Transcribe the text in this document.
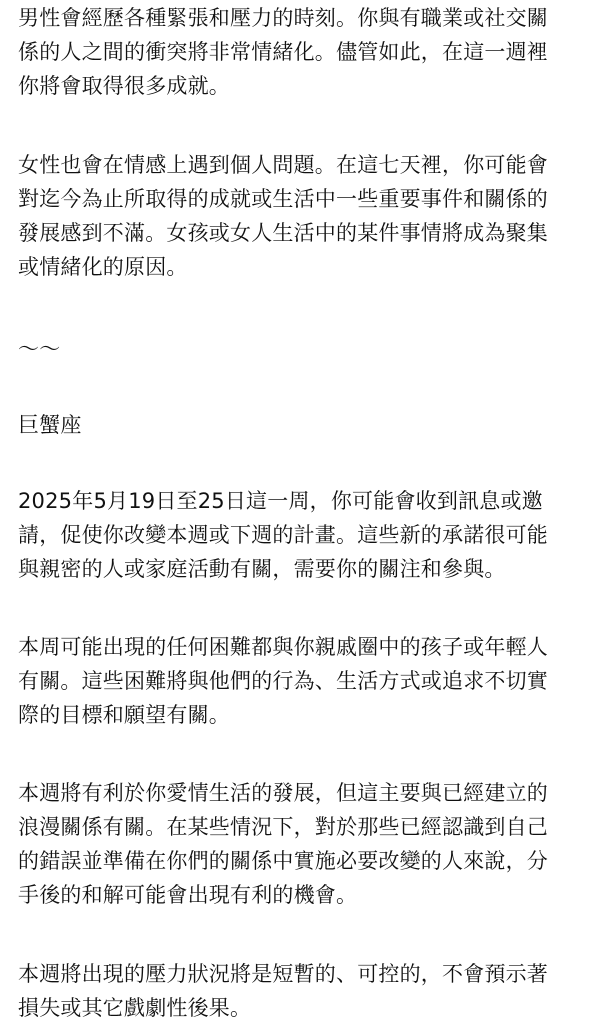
男性會經歷各種緊張和壓力的時刻。你與有職業或社交關
係的人之間的衝突將非常情緒化。儘管如此，在這一週裡
你將會取得很多成就。
女性也會在情感上遇到個人問題。在這七天裡，你可能會
對迄今為止所取得的成就或生活中一些重要事件和關係的
發展感到不滿。女孩或女人生活中的某件事情將成為聚集
或情緒化的原因。
～～
巨蟹座
2025年5月19日至25日這一周，你可能會收到訊息或邀
請，促使你改變本週或下週的計畫。這些新的承諾很可能
與親密的人或家庭活動有關，需要你的關注和參與。
本周可能出現的任何困難都與你親戚圈中的孩子或年輕人
有關。這些困難將與他們的行為、生活方式或追求不切實
際的目標和願望有關。
本週將有利於你愛情生活的發展，但這主要與已經建立的
浪漫關係有關。在某些情況下，對於那些已經認識到自己
的錯誤並準備在你們的關係中實施必要改變的人來說，分
手後的和解可能會出現有利的機會。
本週將出現的壓力狀況將是短暫的、可控的，不會預示著
損失或其它戲劇性後果。
